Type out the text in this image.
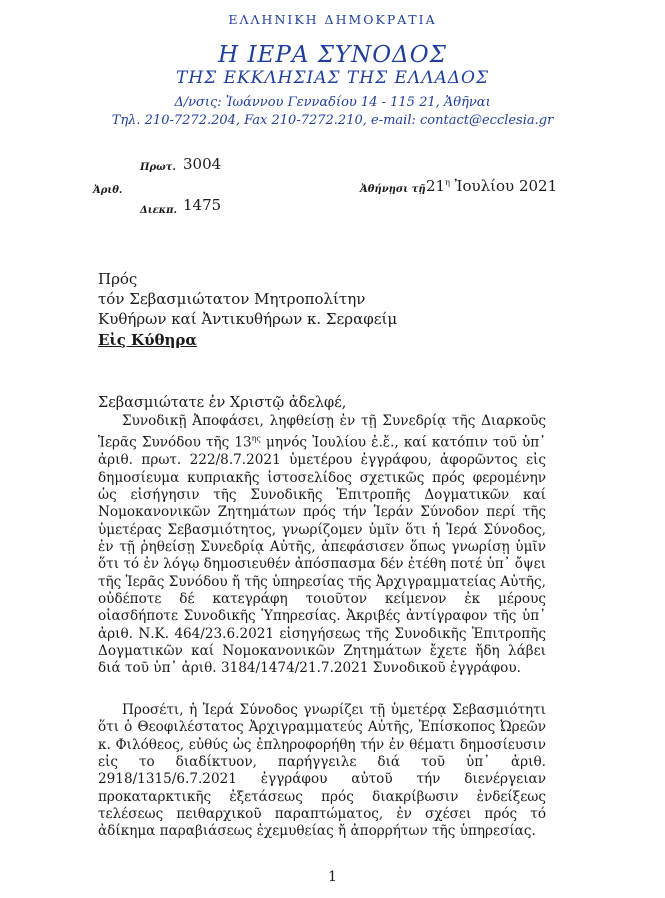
ΕΛΛΗΝΙΚΗ ΔΗΜΟΚΡΑΤΙΑ
Η ΙΕΡΑ ΣΥΝΟΔΟΣ
ΤΗΣ ΕΚΚΛΗΣΙΑΣ ΤΗΣ ΕΛΛΑΔΟΣ
Δ/νσις: Ἰωάννου Γενναδίου 14 - 115 21, Ἀθῆναι
Τηλ. 210-7272.204, Fax 210-7272.210, e-mail: contact@ecclesia.gr
Πρωτ. 3004
Ἀριθ.
Διεκπ. 1475
Ἀθήνῃσι τῇ $21^\eta$ Ἰουλίου 2021
Πρός
τόν Σεβασμιώτατον Μητροπολίτην
Κυθήρων καί Ἀντικυθήρων κ. Σεραφείμ
Εἰς Κύθηρα
Σεβασμιώτατε ἐν Χριστῷ ἀδελφέ,

Συνοδικῇ Ἀποφάσει, ληφθείσῃ ἐν τῇ Συνεδρίᾳ τῆς Διαρκοῦς Ἱερᾶς Συνόδου τῆς $13^{\eta\varsigma}$ μηνός Ἰουλίου ἐ.ἔ., καί κατόπιν τοῦ ὑπ᾽ ἀριθ. πρωτ. 222/8.7.2021 ὑμετέρου ἐγγράφου, ἀφορῶντος εἰς δημοσίευμα κυπριακῆς ἱστοσελίδος σχετικῶς πρός φερομένην ὡς εἰσήγησιν τῆς Συνοδικῆς Ἐπιτροπῆς Δογματικῶν καί Νομοκανονικῶν Ζητημάτων πρός τήν Ἱεράν Σύνοδον περί τῆς ὑμετέρας Σεβασμιότητος, γνωρίζομεν ὑμῖν ὅτι ἡ Ἱερά Σύνοδος, ἐν τῇ ῥηθείσῃ Συνεδρίᾳ Αὐτῆς, ἀπεφάσισεν ὅπως γνωρίσῃ ὑμῖν ὅτι τό ἐν λόγῳ δημοσιευθέν ἀπόσπασμα δέν ἐτέθη ποτέ ὑπ᾽ ὄψει τῆς Ἱερᾶς Συνόδου ἤ τῆς ὑπηρεσίας τῆς Ἀρχιγραμματείας Αὐτῆς, οὐδέποτε δέ κατεγράφη τοιοῦτον κείμενον ἐκ μέρους οἱασδήποτε Συνοδικῆς Ὑπηρεσίας. Ἀκριβές ἀντίγραφον τῆς ὑπ᾽ ἀριθ. Ν.Κ. 464/23.6.2021 εἰσηγήσεως τῆς Συνοδικῆς Ἐπιτροπῆς Δογματικῶν καί Νομοκανονικῶν Ζητημάτων ἔχετε ἤδη λάβει διά τοῦ ὑπ᾽ ἀριθ. 3184/1474/21.7.2021 Συνοδικοῦ ἐγγράφου.

Προσέτι, ἡ Ἱερά Σύνοδος γνωρίζει τῇ ὑμετέρᾳ Σεβασμιότητι ὅτι ὁ Θεοφιλέστατος Ἀρχιγραμματεύς Αὐτῆς, Ἐπίσκοπος Ὠρεῶν κ. Φιλόθεος, εὐθύς ὡς ἐπληροφορήθη τήν ἐν θέματι δημοσίευσιν εἰς το διαδίκτυον, παρήγγειλε διά τοῦ ὑπ᾽ ἀριθ. 2918/1315/6.7.2021 ἐγγράφου αὐτοῦ τήν διενέργειαν προκαταρκτικῆς ἐξετάσεως πρός διακρίβωσιν ἐνδείξεως τελέσεως πειθαρχικοῦ παραπτώματος, ἐν σχέσει πρός τό ἀδίκημα παραβιάσεως ἐχεμυθείας ἤ ἀπορρήτων τῆς ὑπηρεσίας.

1
